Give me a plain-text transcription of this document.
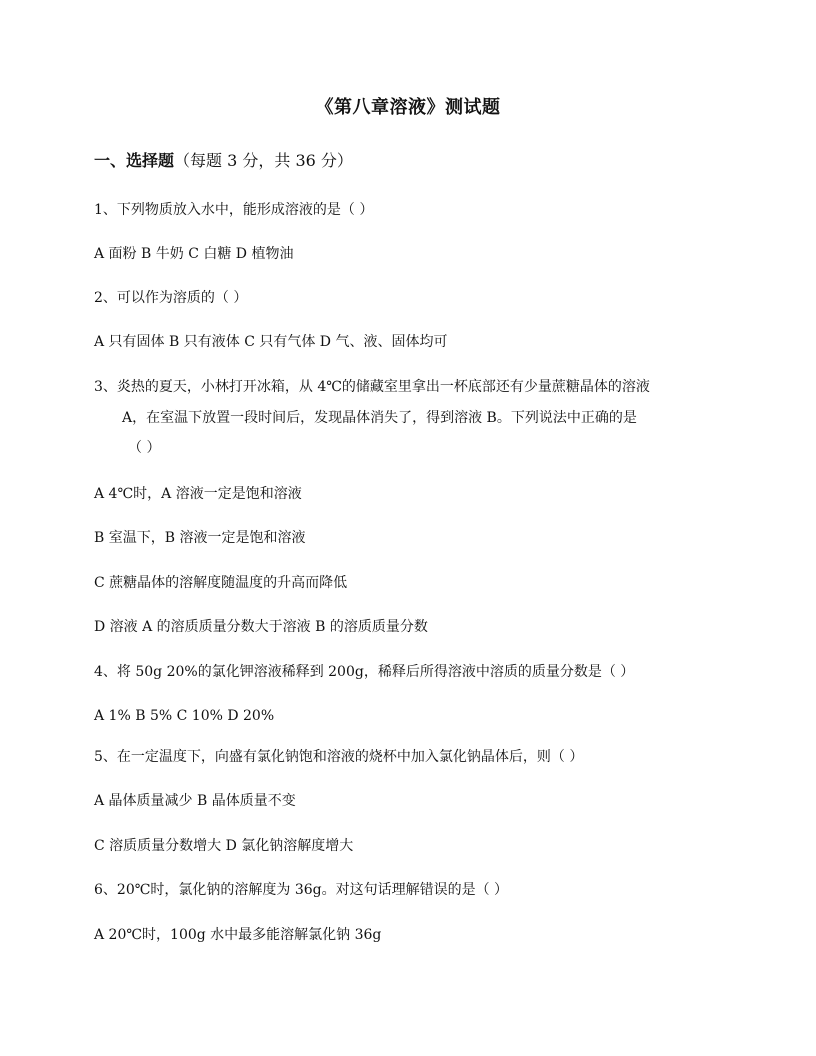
《第八章溶液》测试题
一、选择题（每题 3 分，共 36 分）
1、下列物质放入水中，能形成溶液的是（ ）
A 面粉 B 牛奶 C 白糖 D 植物油
2、可以作为溶质的（ ）
A 只有固体 B 只有液体 C 只有气体 D 气、液、固体均可
3、炎热的夏天，小林打开冰箱，从 4℃的储藏室里拿出一杯底部还有少量蔗糖晶体的溶液
A，在室温下放置一段时间后，发现晶体消失了，得到溶液 B。下列说法中正确的是
（ ）
A 4℃时，A 溶液一定是饱和溶液
B 室温下，B 溶液一定是饱和溶液
C 蔗糖晶体的溶解度随温度的升高而降低
D 溶液 A 的溶质质量分数大于溶液 B 的溶质质量分数
4、将 50g 20%的氯化钾溶液稀释到 200g，稀释后所得溶液中溶质的质量分数是（ ）
A 1% B 5% C 10% D 20%
5、在一定温度下，向盛有氯化钠饱和溶液的烧杯中加入氯化钠晶体后，则（ ）
A 晶体质量减少 B 晶体质量不变
C 溶质质量分数增大 D 氯化钠溶解度增大
6、20℃时，氯化钠的溶解度为 36g。对这句话理解错误的是（ ）
A 20℃时，100g 水中最多能溶解氯化钠 36g
